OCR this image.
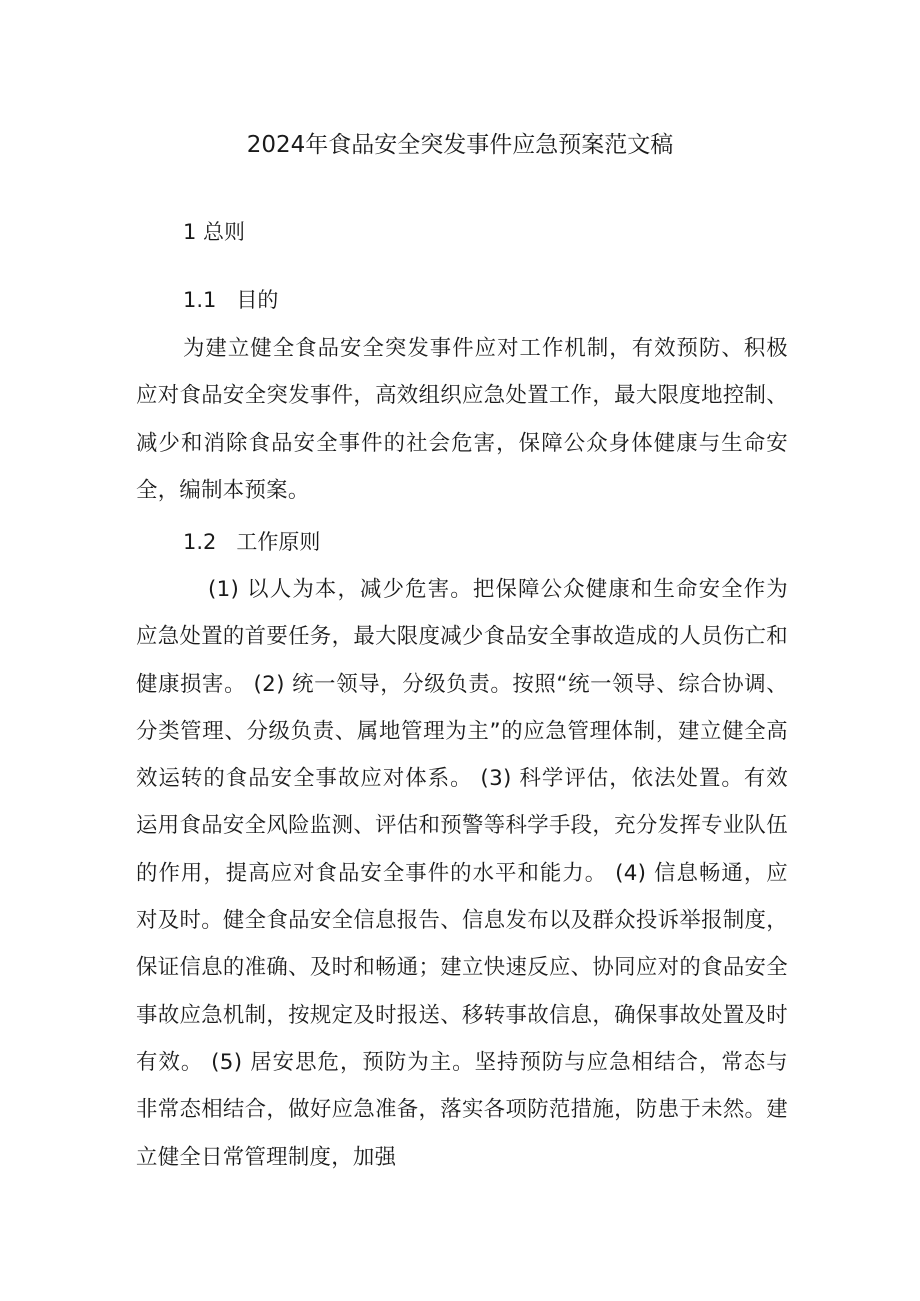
2024年食品安全突发事件应急预案范文稿
1 总则
1.1 目的

为建立健全食品安全突发事件应对工作机制，有效预防、积极应对食品安全突发事件，高效组织应急处置工作，最大限度地控制、减少和消除食品安全事件的社会危害，保障公众身体健康与生命安全，编制本预案。

1.2 工作原则

(1) 以人为本，减少危害。把保障公众健康和生命安全作为应急处置的首要任务，最大限度减少食品安全事故造成的人员伤亡和健康损害。 (2) 统一领导，分级负责。按照“统一领导、综合协调、分类管理、分级负责、属地管理为主”的应急管理体制，建立健全高效运转的食品安全事故应对体系。 (3) 科学评估，依法处置。有效运用食品安全风险监测、评估和预警等科学手段，充分发挥专业队伍的作用，提高应对食品安全事件的水平和能力。 (4) 信息畅通，应对及时。健全食品安全信息报告、信息发布以及群众投诉举报制度，保证信息的准确、及时和畅通；建立快速反应、协同应对的食品安全事故应急机制，按规定及时报送、移转事故信息，确保事故处置及时有效。 (5) 居安思危，预防为主。坚持预防与应急相结合，常态与非常态相结合，做好应急准备，落实各项防范措施，防患于未然。建立健全日常管理制度，加强
